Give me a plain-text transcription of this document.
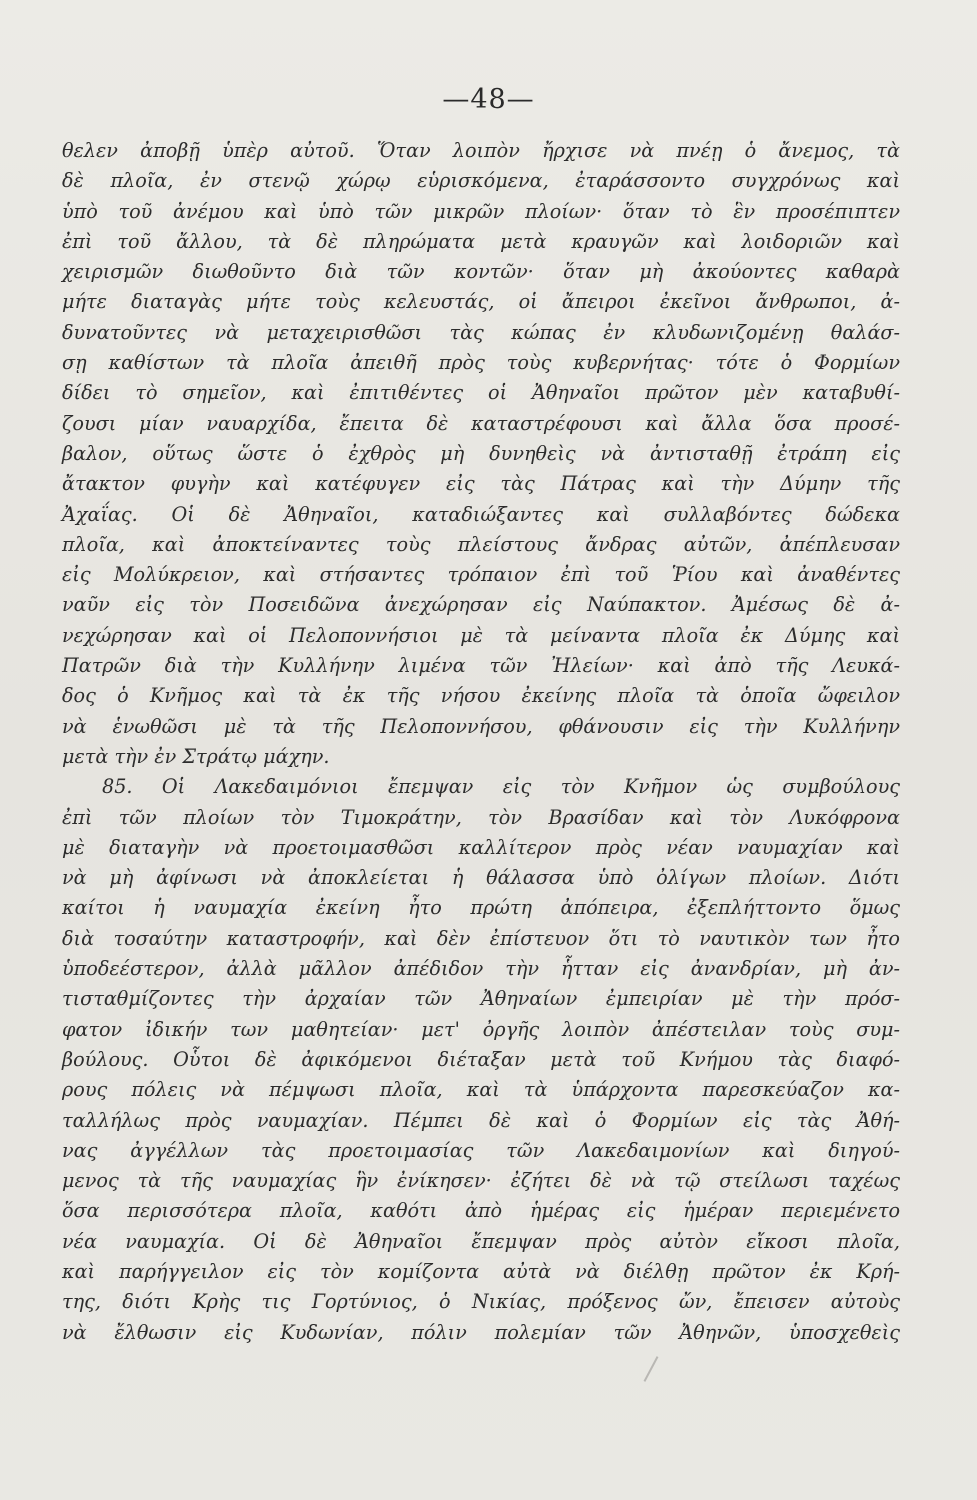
—48—
θελεν ἀποβῇ ὑπὲρ αὐτοῦ. Ὅταν λοιπὸν ἤρχισε νὰ πνέῃ ὁ ἄνεμος, τὰ
δὲ πλοῖα, ἐν στενῷ χώρῳ εὑρισκόμενα, ἐταράσσοντο συγχρόνως καὶ
ὑπὸ τοῦ ἀνέμου καὶ ὑπὸ τῶν μικρῶν πλοίων· ὅταν τὸ ἓν προσέπιπτεν
ἐπὶ τοῦ ἄλλου, τὰ δὲ πληρώματα μετὰ κραυγῶν καὶ λοιδοριῶν καὶ
χειρισμῶν διωθοῦντο διὰ τῶν κοντῶν· ὅταν μὴ ἀκούοντες καθαρὰ
μήτε διαταγὰς μήτε τοὺς κελευστάς, οἱ ἄπειροι ἐκεῖνοι ἄνθρωποι, ἀ-
δυνατοῦντες νὰ μεταχειρισθῶσι τὰς κώπας ἐν κλυδωνιζομένῃ θαλάσ-
σῃ καθίστων τὰ πλοῖα ἀπειθῆ πρὸς τοὺς κυβερνήτας· τότε ὁ Φορμίων
δίδει τὸ σημεῖον, καὶ ἐπιτιθέντες οἱ Ἀθηναῖοι πρῶτον μὲν καταβυθί-
ζουσι μίαν ναυαρχίδα, ἔπειτα δὲ καταστρέφουσι καὶ ἄλλα ὅσα προσέ-
βαλον, οὕτως ὥστε ὁ ἐχθρὸς μὴ δυνηθεὶς νὰ ἀντισταθῇ ἐτράπη εἰς
ἄτακτον φυγὴν καὶ κατέφυγεν εἰς τὰς Πάτρας καὶ τὴν Δύμην τῆς
Ἀχαΐας. Οἱ δὲ Ἀθηναῖοι, καταδιώξαντες καὶ συλλαβόντες δώδεκα
πλοῖα, καὶ ἀποκτείναντες τοὺς πλείστους ἄνδρας αὐτῶν, ἀπέπλευσαν
εἰς Μολύκρειον, καὶ στήσαντες τρόπαιον ἐπὶ τοῦ Ῥίου καὶ ἀναθέντες
ναῦν εἰς τὸν Ποσειδῶνα ἀνεχώρησαν εἰς Ναύπακτον. Ἀμέσως δὲ ἀ-
νεχώρησαν καὶ οἱ Πελοποννήσιοι μὲ τὰ μείναντα πλοῖα ἐκ Δύμης καὶ
Πατρῶν διὰ τὴν Κυλλήνην λιμένα τῶν Ἠλείων· καὶ ἀπὸ τῆς Λευκά-
δος ὁ Κνῆμος καὶ τὰ ἐκ τῆς νήσου ἐκείνης πλοῖα τὰ ὁποῖα ὤφειλον
νὰ ἑνωθῶσι μὲ τὰ τῆς Πελοποννήσου, φθάνουσιν εἰς τὴν Κυλλήνην
μετὰ τὴν ἐν Στράτῳ μάχην.
85. Οἱ Λακεδαιμόνιοι ἔπεμψαν εἰς τὸν Κνῆμον ὡς συμβούλους
ἐπὶ τῶν πλοίων τὸν Τιμοκράτην, τὸν Βρασίδαν καὶ τὸν Λυκόφρονα
μὲ διαταγὴν νὰ προετοιμασθῶσι καλλίτερον πρὸς νέαν ναυμαχίαν καὶ
νὰ μὴ ἀφίνωσι νὰ ἀποκλείεται ἡ θάλασσα ὑπὸ ὀλίγων πλοίων. Διότι
καίτοι ἡ ναυμαχία ἐκείνη ἦτο πρώτη ἀπόπειρα, ἐξεπλήττοντο ὅμως
διὰ τοσαύτην καταστροφήν, καὶ δὲν ἐπίστευον ὅτι τὸ ναυτικὸν των ἦτο
ὑποδεέστερον, ἀλλὰ μᾶλλον ἀπέδιδον τὴν ἧτταν εἰς ἀνανδρίαν, μὴ ἀν-
τισταθμίζοντες τὴν ἀρχαίαν τῶν Ἀθηναίων ἐμπειρίαν μὲ τὴν πρόσ-
φατον ἰδικήν των μαθητείαν· μετ' ὀργῆς λοιπὸν ἀπέστειλαν τοὺς συμ-
βούλους. Οὗτοι δὲ ἀφικόμενοι διέταξαν μετὰ τοῦ Κνήμου τὰς διαφό-
ρους πόλεις νὰ πέμψωσι πλοῖα, καὶ τὰ ὑπάρχοντα παρεσκεύαζον κα-
ταλλήλως πρὸς ναυμαχίαν. Πέμπει δὲ καὶ ὁ Φορμίων εἰς τὰς Ἀθή-
νας ἀγγέλλων τὰς προετοιμασίας τῶν Λακεδαιμονίων καὶ διηγού-
μενος τὰ τῆς ναυμαχίας ἣν ἐνίκησεν· ἐζήτει δὲ νὰ τῷ στείλωσι ταχέως
ὅσα περισσότερα πλοῖα, καθότι ἀπὸ ἡμέρας εἰς ἡμέραν περιεμένετο
νέα ναυμαχία. Οἱ δὲ Ἀθηναῖοι ἔπεμψαν πρὸς αὐτὸν εἴκοσι πλοῖα,
καὶ παρήγγειλον εἰς τὸν κομίζοντα αὐτὰ νὰ διέλθῃ πρῶτον ἐκ Κρή-
της, διότι Κρὴς τις Γορτύνιος, ὁ Νικίας, πρόξενος ὤν, ἔπεισεν αὐτοὺς
νὰ ἔλθωσιν εἰς Κυδωνίαν, πόλιν πολεμίαν τῶν Ἀθηνῶν, ὑποσχεθεὶς
